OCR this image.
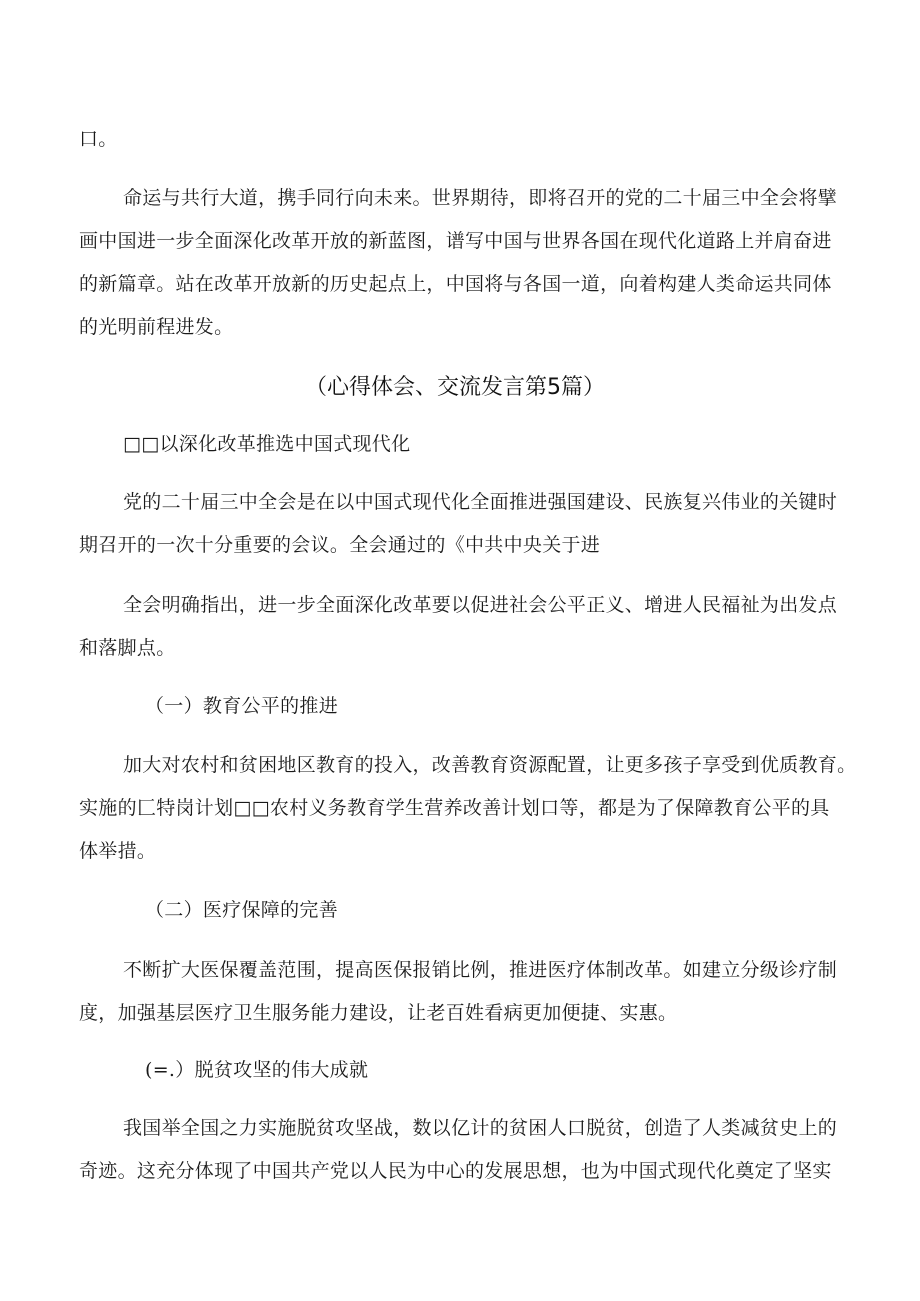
口。
命运与共行大道，携手同行向未来。世界期待，即将召开的党的二十届三中全会将擘
画中国进一步全面深化改革开放的新蓝图，谱写中国与世界各国在现代化道路上并肩奋进
的新篇章。站在改革开放新的历史起点上，中国将与各国一道，向着构建人类命运共同体
的光明前程进发。
（心得体会、交流发言第5篇）
□□以深化改革推选中国式现代化
党的二十届三中全会是在以中国式现代化全面推进强国建设、民族复兴伟业的关键时
期召开的一次十分重要的会议。全会通过的《中共中央关于进
全会明确指出，进一步全面深化改革要以促进社会公平正义、增进人民福祉为出发点
和落脚点。
（一）教育公平的推进
加大对农村和贫困地区教育的投入，改善教育资源配置，让更多孩子享受到优质教育。
实施的匚特岗计划□□农村义务教育学生营养改善计划口等，都是为了保障教育公平的具
体举措。
（二）医疗保障的完善
不断扩大医保覆盖范围，提高医保报销比例，推进医疗体制改革。如建立分级诊疗制
度，加强基层医疗卫生服务能力建设，让老百姓看病更加便捷、实惠。
(=.）脱贫攻坚的伟大成就
我国举全国之力实施脱贫攻坚战，数以亿计的贫困人口脱贫，创造了人类减贫史上的
奇迹。这充分体现了中国共产党以人民为中心的发展思想，也为中国式现代化奠定了坚实
